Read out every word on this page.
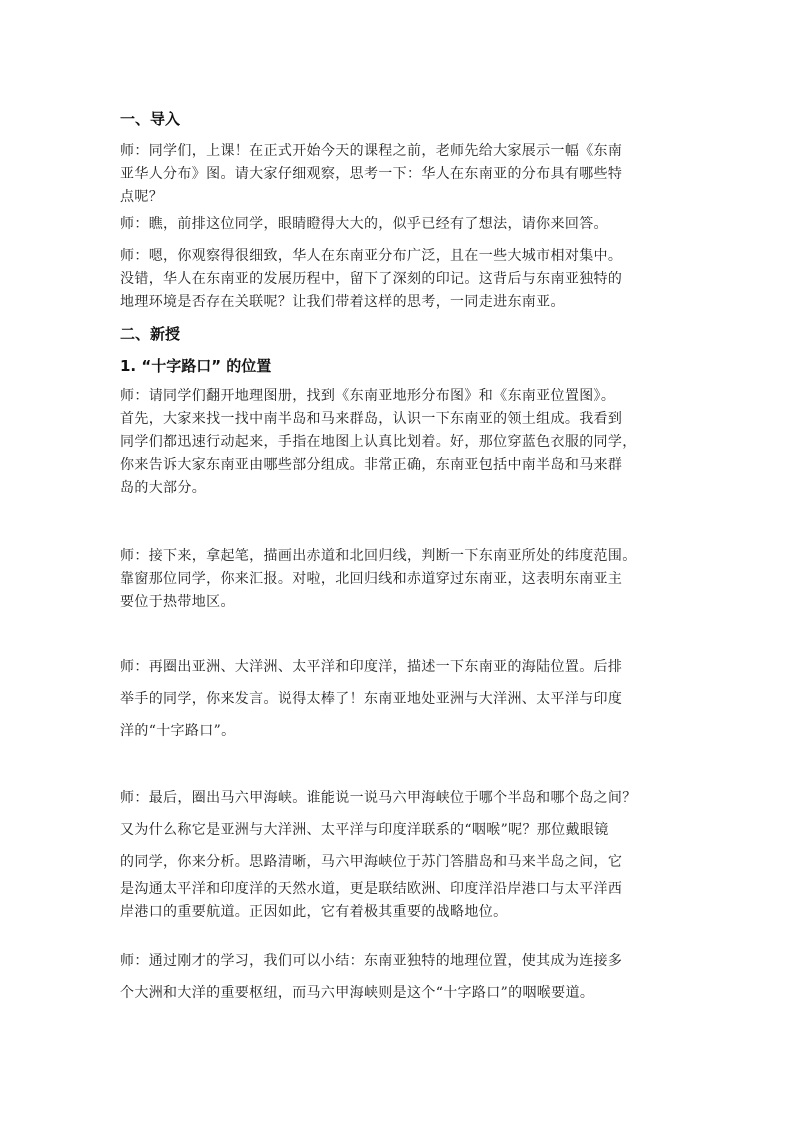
一、导入
师：同学们，上课！在正式开始今天的课程之前，老师先给大家展示一幅《东南
亚华人分布》图。请大家仔细观察，思考一下：华人在东南亚的分布具有哪些特
点呢？
师：瞧，前排这位同学，眼睛瞪得大大的，似乎已经有了想法，请你来回答。
师：嗯，你观察得很细致，华人在东南亚分布广泛，且在一些大城市相对集中。
没错，华人在东南亚的发展历程中，留下了深刻的印记。这背后与东南亚独特的
地理环境是否存在关联呢？让我们带着这样的思考，一同走进东南亚。
二、新授
1. “十字路口” 的位置
师：请同学们翻开地理图册，找到《东南亚地形分布图》和《东南亚位置图》。
首先，大家来找一找中南半岛和马来群岛，认识一下东南亚的领土组成。我看到
同学们都迅速行动起来，手指在地图上认真比划着。好，那位穿蓝色衣服的同学，
你来告诉大家东南亚由哪些部分组成。非常正确，东南亚包括中南半岛和马来群
岛的大部分。
师：接下来，拿起笔，描画出赤道和北回归线，判断一下东南亚所处的纬度范围。
靠窗那位同学，你来汇报。对啦，北回归线和赤道穿过东南亚，这表明东南亚主
要位于热带地区。
师：再圈出亚洲、大洋洲、太平洋和印度洋，描述一下东南亚的海陆位置。后排
举手的同学，你来发言。说得太棒了！东南亚地处亚洲与大洋洲、太平洋与印度
洋的“十字路口”。
师：最后，圈出马六甲海峡。谁能说一说马六甲海峡位于哪个半岛和哪个岛之间？
又为什么称它是亚洲与大洋洲、太平洋与印度洋联系的“咽喉”呢？那位戴眼镜
的同学，你来分析。思路清晰，马六甲海峡位于苏门答腊岛和马来半岛之间，它
是沟通太平洋和印度洋的天然水道，更是联结欧洲、印度洋沿岸港口与太平洋西
岸港口的重要航道。正因如此，它有着极其重要的战略地位。
师：通过刚才的学习，我们可以小结：东南亚独特的地理位置，使其成为连接多
个大洲和大洋的重要枢纽，而马六甲海峡则是这个“十字路口”的咽喉要道。
